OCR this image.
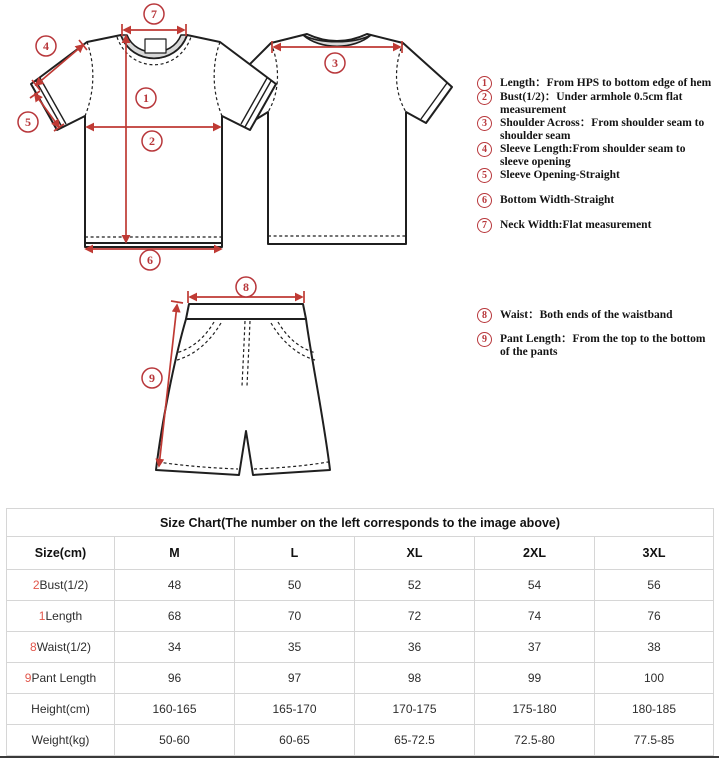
7
4
5
1
2
6
3
8
9
1	Length：From HPS to bottom edge of hem
2	Bust(1/2)：Under armhole 0.5cm flat measurement
3	Shoulder Across：From shoulder seam to shoulder seam
4	Sleeve Length:From shoulder seam to sleeve opening
5	Sleeve Opening-Straight
6	Bottom Width-Straight
7	Neck Width:Flat measurement
8	Waist：Both ends of the waistband
9	Pant Length：From the top to the bottom of the pants
Size Chart(The number on the left corresponds to the image above)					
Size(cm)	M	L	XL	2XL	3XL
2Bust(1/2)	48	50	52	54	56
1Length	68	70	72	74	76
8Waist(1/2)	34	35	36	37	38
9Pant Length	96	97	98	99	100
Height(cm)	160-165	165-170	170-175	175-180	180-185
Weight(kg)	50-60	60-65	65-72.5	72.5-80	77.5-85
